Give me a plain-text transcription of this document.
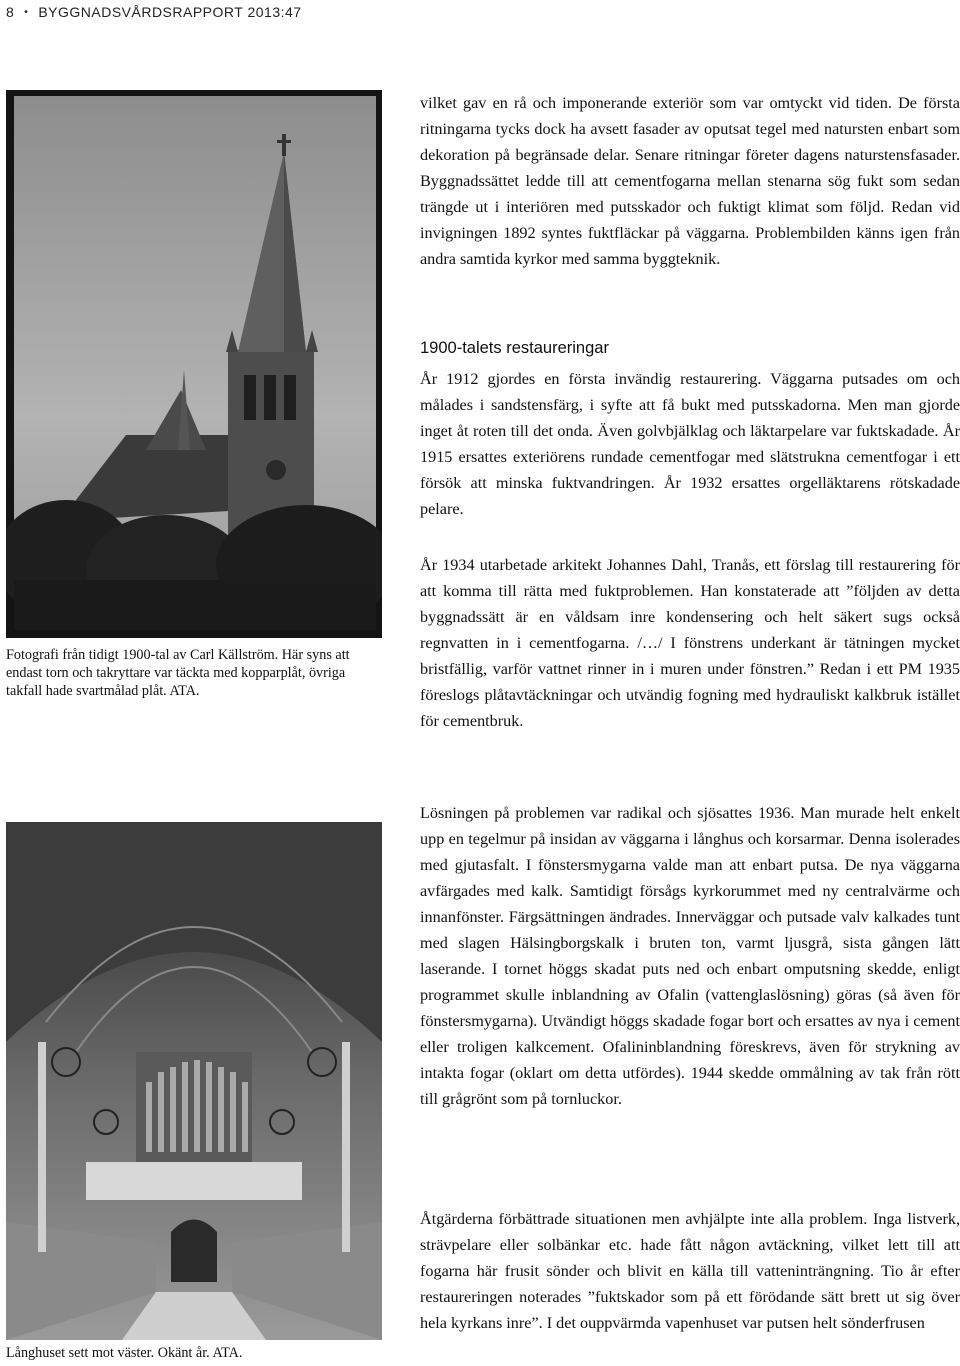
8 • BYGGNADSVÅRDSRAPPORT 2013:47

Fotografi från tidigt 1900-tal av Carl Källström. Här syns att endast torn och takryttare var täckta med kopparplåt, övriga takfall hade svartmålad plåt. ATA.

Långhuset sett mot väster. Okänt år. ATA.

vilket gav en rå och imponerande exteriör som var omtyckt vid tiden. De första ritningarna tycks dock ha avsett fasader av oputsat tegel med natursten enbart som dekoration på begränsade delar. Senare ritningar företer dagens naturstensfasader. Byggnadssättet ledde till att cementfogarna mellan stenarna sög fukt som sedan trängde ut i interiören med putsskador och fuktigt klimat som följd. Redan vid invigningen 1892 syntes fuktfläckar på väggarna. Problembilden känns igen från andra samtida kyrkor med samma byggteknik.

1900-talets restaureringar

År 1912 gjordes en första invändig restaurering. Väggarna putsades om och målades i sandstensfärg, i syfte att få bukt med putsskadorna. Men man gjorde inget åt roten till det onda. Även golvbjälklag och läktarpelare var fuktskadade. År 1915 ersattes exteriörens rundade cementfogar med slätstrukna cementfogar i ett försök att minska fuktvandringen. År 1932 ersattes orgelläktarens rötskadade pelare.

År 1934 utarbetade arkitekt Johannes Dahl, Tranås, ett förslag till restaurering för att komma till rätta med fuktproblemen. Han konstaterade att ”följden av detta byggnadssätt är en våldsam inre kondensering och helt säkert sugs också regnvatten in i cementfogarna. /…/ I fönstrens underkant är tätningen mycket bristfällig, varför vattnet rinner in i muren under fönstren.” Redan i ett PM 1935 föreslogs plåtavtäckningar och utvändig fogning med hydrauliskt kalkbruk istället för cementbruk.

Lösningen på problemen var radikal och sjösattes 1936. Man murade helt enkelt upp en tegelmur på insidan av väggarna i långhus och korsarmar. Denna isolerades med gjutasfalt. I fönstersmygarna valde man att enbart putsa. De nya väggarna avfärgades med kalk. Samtidigt försågs kyrkorummet med ny centralvärme och innanfönster. Färgsättningen ändrades. Innerväggar och putsade valv kalkades tunt med slagen Hälsingborgskalk i bruten ton, varmt ljusgrå, sista gången lätt laserande. I tornet höggs skadat puts ned och enbart omputsning skedde, enligt programmet skulle inblandning av Ofalin (vattenglaslösning) göras (så även för fönstersmygarna). Utvändigt höggs skadade fogar bort och ersattes av nya i cement eller troligen kalkcement. Ofalininblandning föreskrevs, även för strykning av intakta fogar (oklart om detta utfördes). 1944 skedde ommålning av tak från rött till grågrönt som på tornluckor.

Åtgärderna förbättrade situationen men avhjälpte inte alla problem. Inga listverk, strävpelare eller solbänkar etc. hade fått någon avtäckning, vilket lett till att fogarna här frusit sönder och blivit en källa till vatteninträngning. Tio år efter restaureringen noterades ”fuktskador som på ett förödande sätt brett ut sig över hela kyrkans inre”. I det ouppvärmda vapenhuset var putsen helt sönderfrusen
